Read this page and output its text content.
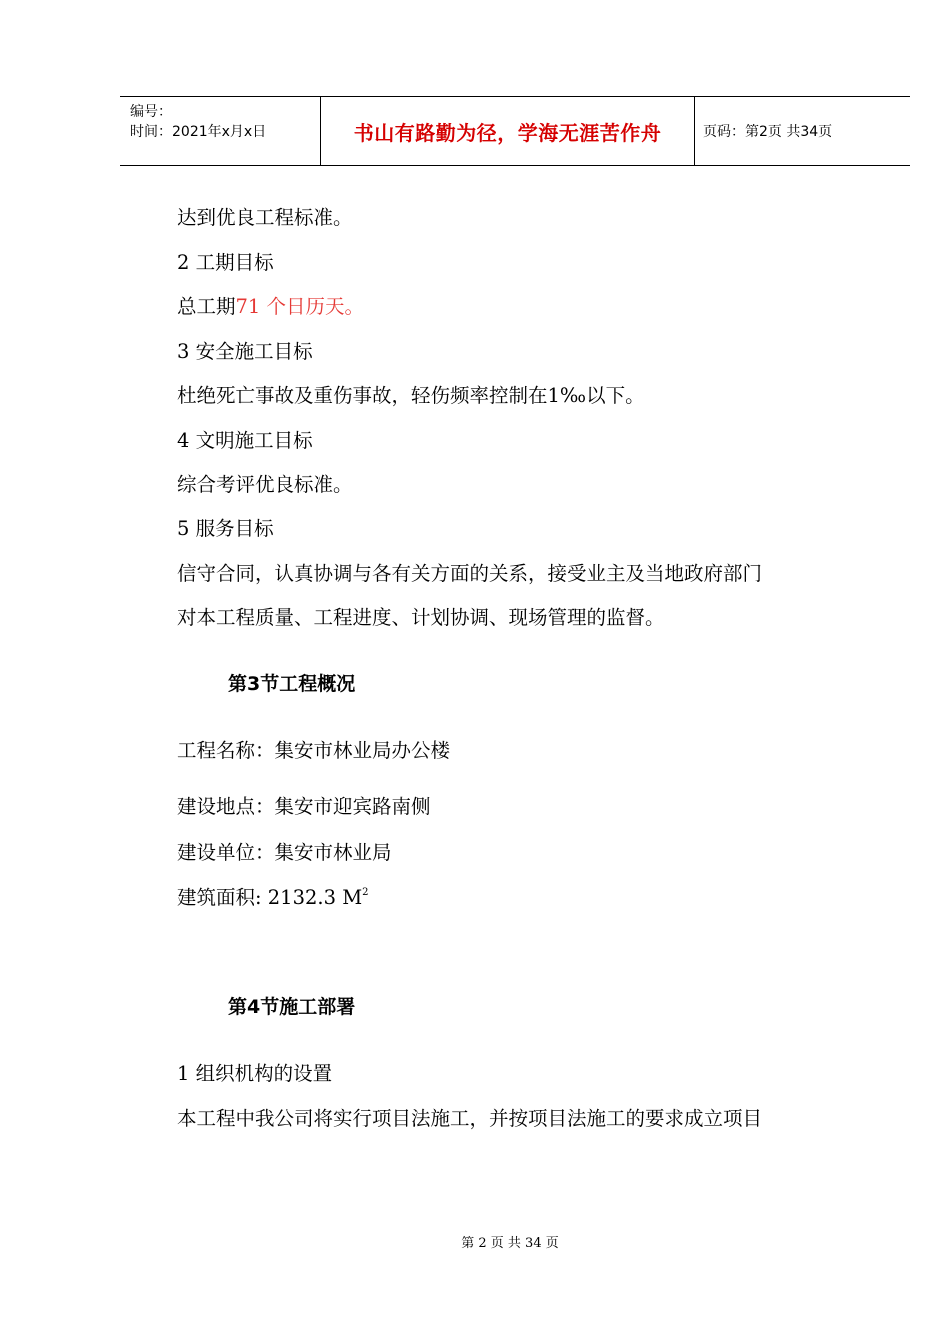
编号：
时间：2021年x月x日	书山有路勤为径，学海无涯苦作舟	页码：第2页 共34页
达到优良工程标准。
2 工期目标
总工期71 个日历天。
3 安全施工目标
杜绝死亡事故及重伤事故，轻伤频率控制在1‰以下。
4 文明施工目标
综合考评优良标准。
5 服务目标
信守合同，认真协调与各有关方面的关系，接受业主及当地政府部门
对本工程质量、工程进度、计划协调、现场管理的监督。
第3节工程概况
工程名称：集安市林业局办公楼
建设地点：集安市迎宾路南侧
建设单位：集安市林业局
建筑面积: 2132.3 $M^2$
第4节施工部署
1 组织机构的设置
本工程中我公司将实行项目法施工，并按项目法施工的要求成立项目
第 2 页 共 34 页
